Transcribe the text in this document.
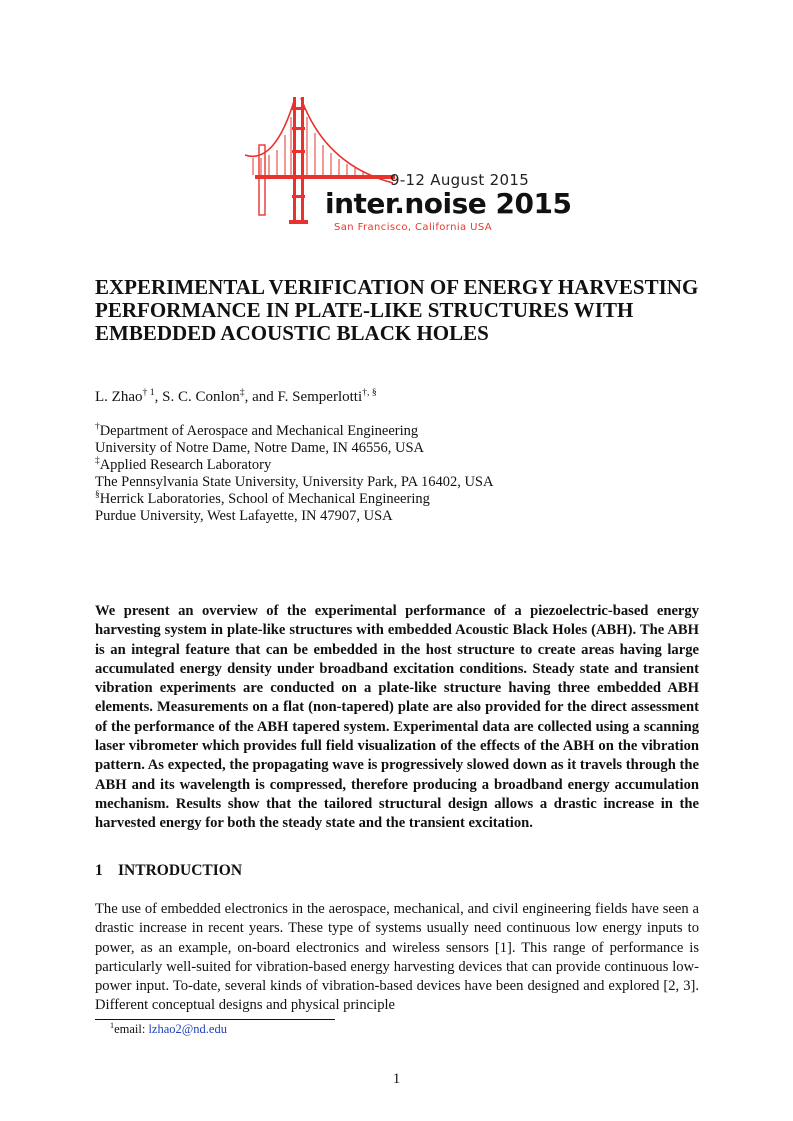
9-12 August 2015
inter.noise 2015
San Francisco, California USA
EXPERIMENTAL VERIFICATION OF ENERGY HARVESTING PERFORMANCE IN PLATE-LIKE STRUCTURES WITH EMBEDDED ACOUSTIC BLACK HOLES
L. Zhao$^{\dagger 1}$, S. C. Conlon‡, and F. Semperlotti†, §
†Department of Aerospace and Mechanical Engineering
University of Notre Dame, Notre Dame, IN 46556, USA
‡Applied Research Laboratory
The Pennsylvania State University, University Park, PA 16402, USA
§Herrick Laboratories, School of Mechanical Engineering
Purdue University, West Lafayette, IN 47907, USA

We present an overview of the experimental performance of a piezoelectric-based energy harvesting system in plate-like structures with embedded Acoustic Black Holes (ABH). The ABH is an integral feature that can be embedded in the host structure to create areas having large accumulated energy density under broadband excitation conditions. Steady state and transient vibration experiments are conducted on a plate-like structure having three embedded ABH elements. Measurements on a flat (non-tapered) plate are also provided for the direct assessment of the performance of the ABH tapered system. Experimental data are collected using a scanning laser vibrometer which provides full field visualization of the effects of the ABH on the vibration pattern. As expected, the propagating wave is progressively slowed down as it travels through the ABH and its wavelength is compressed, therefore producing a broadband energy accumulation mechanism. Results show that the tailored structural design allows a drastic increase in the harvested energy for both the steady state and the transient excitation.

1 INTRODUCTION

The use of embedded electronics in the aerospace, mechanical, and civil engineering fields have seen a drastic increase in recent years. These type of systems usually need continuous low energy inputs to power, as an example, on-board electronics and wireless sensors [1]. This range of performance is particularly well-suited for vibration-based energy harvesting devices that can provide continuous low-power input. To-date, several kinds of vibration-based devices have been designed and explored [2, 3]. Different conceptual designs and physical principle

$^1$email: lzhao2@nd.edu
1
